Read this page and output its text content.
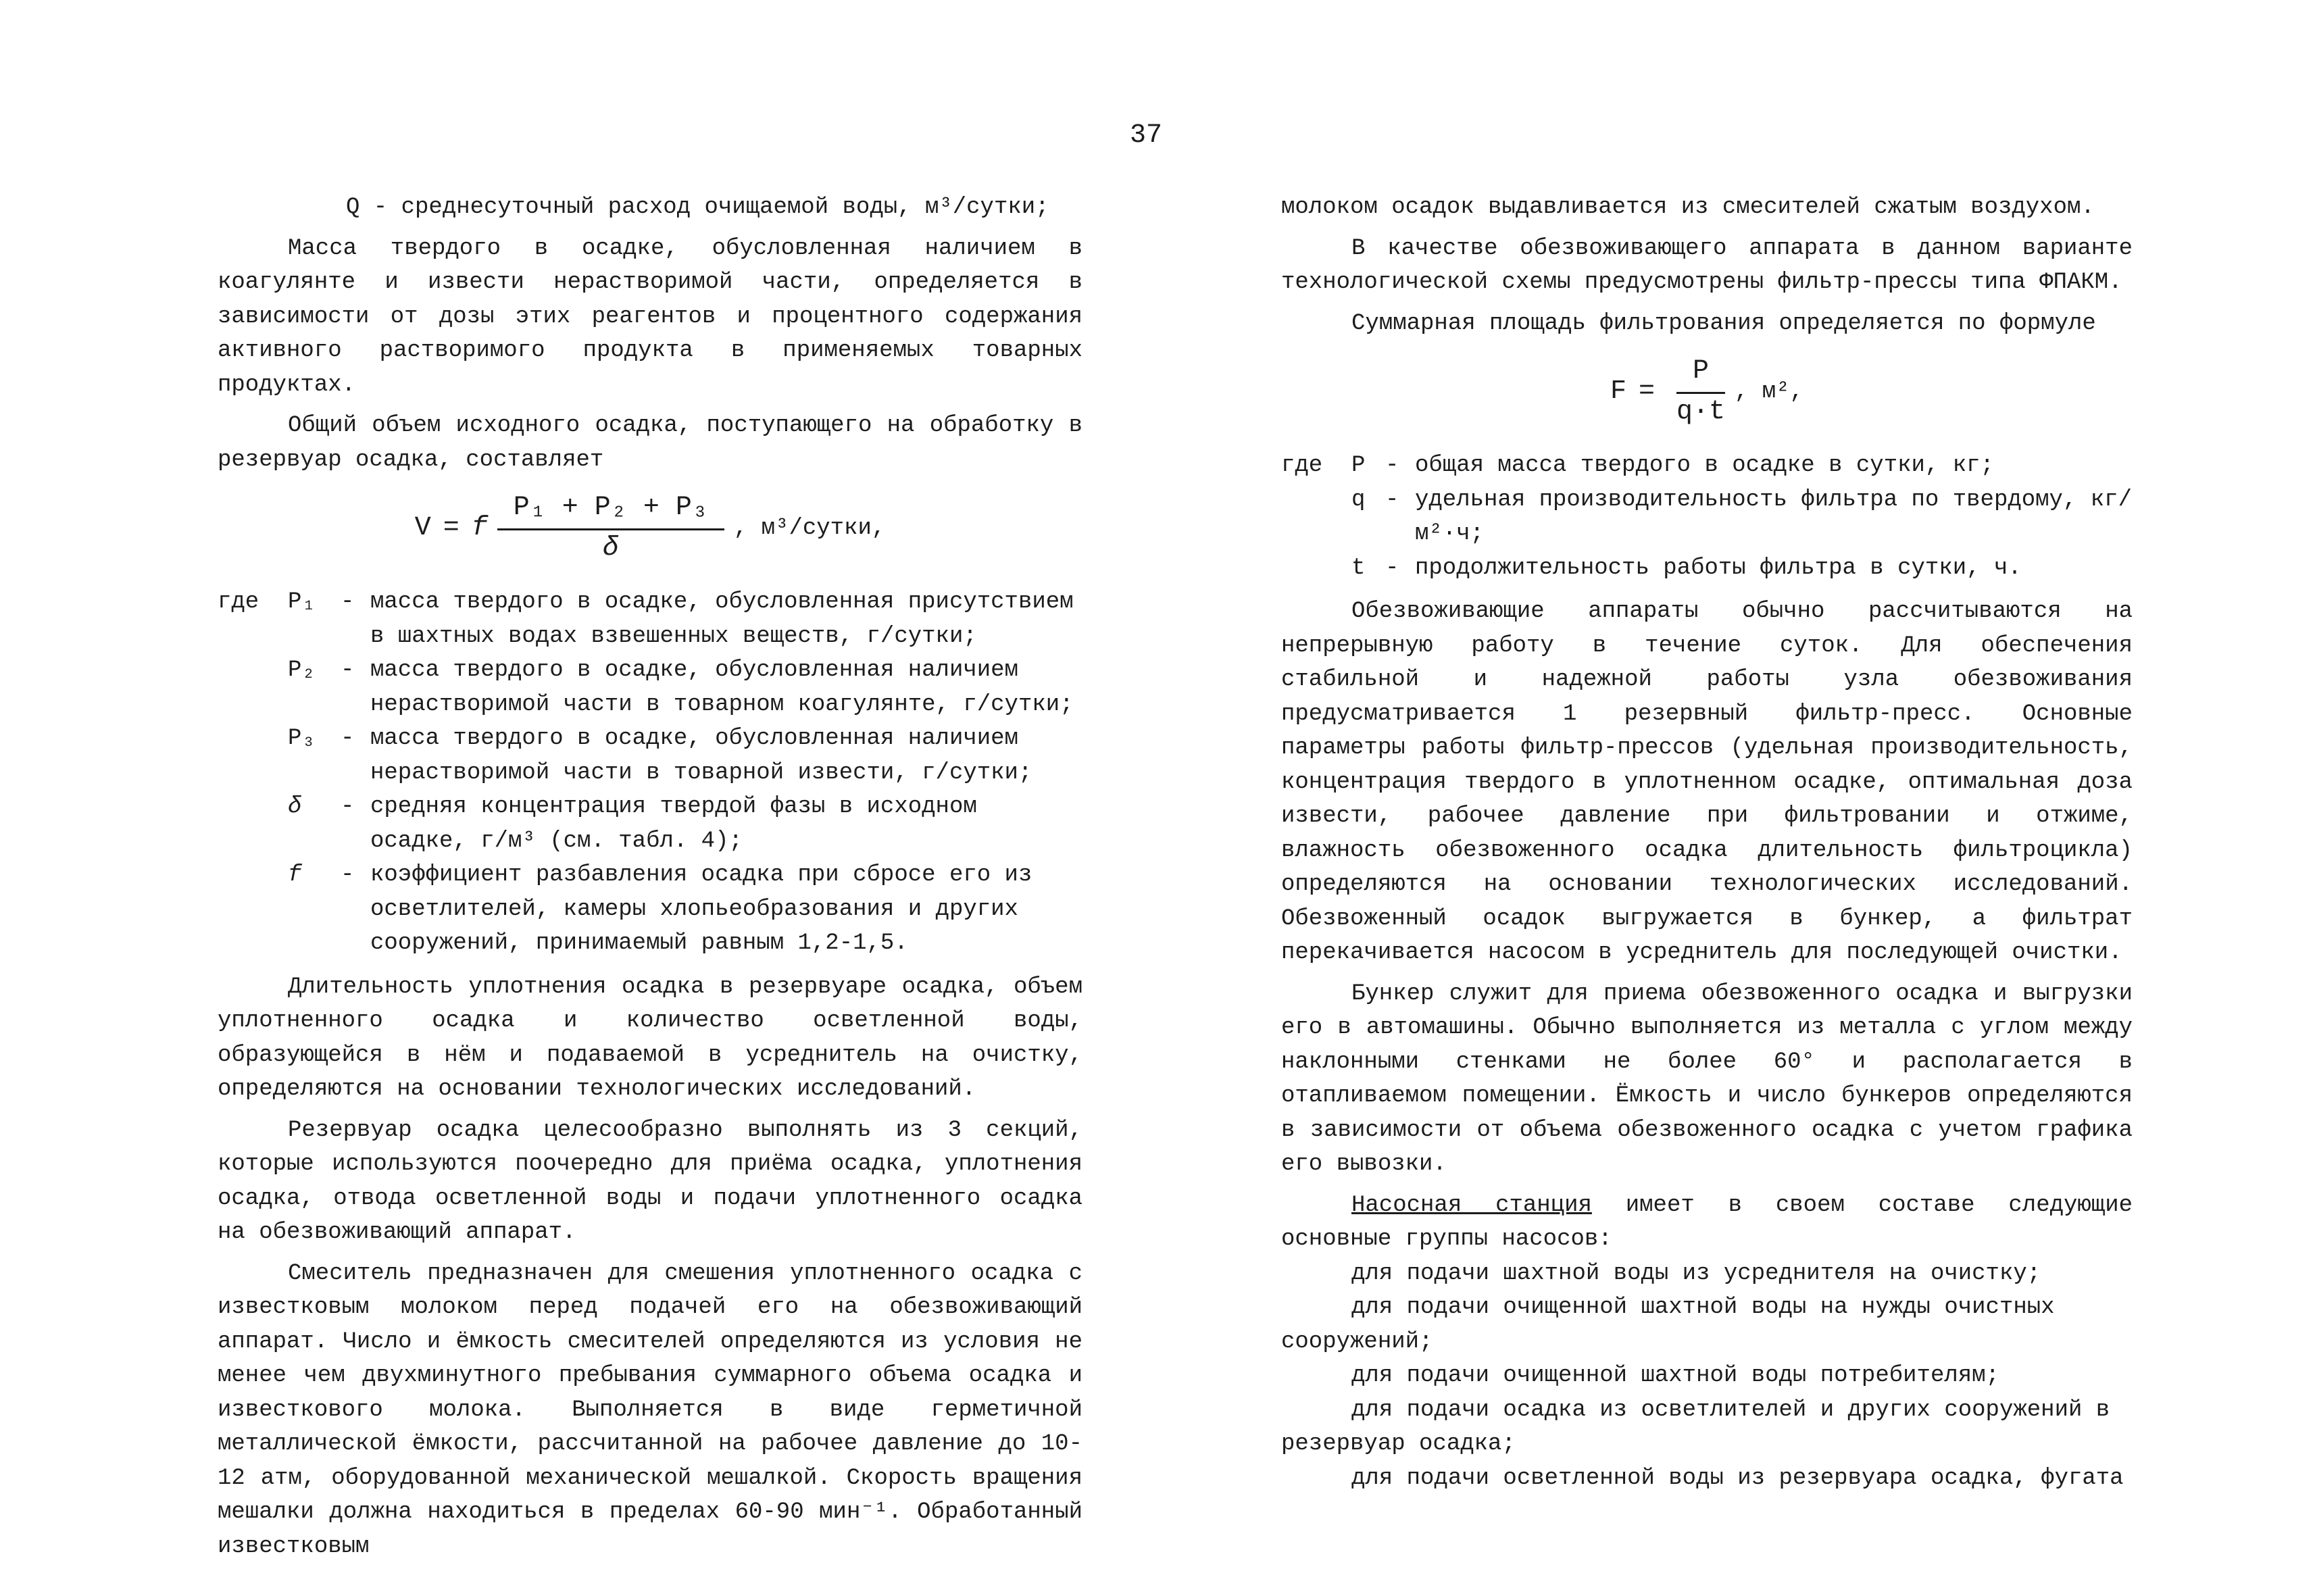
37

Q - среднесуточный расход очищаемой воды, м³/сутки;

Масса твердого в осадке, обусловленная наличием в коагулянте и извести нерастворимой части, определяется в зависимости от дозы этих реагентов и процентного содержания активного растворимого продукта в применяемых товарных продуктах.

Общий объем исходного осадка, поступающего на обработку в резервуар осадка, составляет

V = f $\frac{\text{P₁ + P₂ + P₃}}{\delta}$ , м³/сутки,
где	P₁	- масса твердого в осадке, обусловленная присутствием в шахтных водах взвешенных веществ, г/сутки;
P₂	- масса твердого в осадке, обусловленная наличием нерастворимой части в товарном коагулянте, г/сутки;
P₃	- масса твердого в осадке, обусловленная наличием нерастворимой части в товарной извести, г/сутки;
δ	- средняя концентрация твердой фазы в исходном осадке, г/м³ (см. табл. 4);
f	- коэффициент разбавления осадка при сбросе его из осветлителей, камеры хлопьеобразования и других сооружений, принимаемый равным 1,2-1,5.

Длительность уплотнения осадка в резервуаре осадка, объем уплотненного осадка и количество осветленной воды, образующейся в нём и подаваемой в усреднитель на очистку, определяются на основании технологических исследований.

Резервуар осадка целесообразно выполнять из 3 секций, которые используются поочередно для приёма осадка, уплотнения осадка, отвода осветленной воды и подачи уплотненного осадка на обезвоживающий аппарат.

Смеситель предназначен для смешения уплотненного осадка с известковым молоком перед подачей его на обезвоживающий аппарат. Число и ёмкость смесителей определяются из условия не менее чем двухминутного пребывания суммарного объема осадка и известкового молока. Выполняется в виде герметичной металлической ёмкости, рассчитанной на рабочее давление до 10-12 атм, оборудованной механической мешалкой. Скорость вращения мешалки должна находиться в пределах 60-90 мин⁻¹. Обработанный известковым

молоком осадок выдавливается из смесителей сжатым воздухом.

В качестве обезвоживающего аппарата в данном варианте технологической схемы предусмотрены фильтр-прессы типа ФПАКМ.

Суммарная площадь фильтрования определяется по формуле

$F = \frac{P}{q\cdot t}$ , м²,
где	P - общая масса твердого в осадке в сутки, кг;
q - удельная производительность фильтра по твердому, кг/м²·ч;
t - продолжительность работы фильтра в сутки, ч.

Обезвоживающие аппараты обычно рассчитываются на непрерывную работу в течение суток. Для обеспечения стабильной и надежной работы узла обезвоживания предусматривается 1 резервный фильтр-пресс. Основные параметры работы фильтр-прессов (удельная производительность, концентрация твердого в уплотненном осадке, оптимальная доза извести, рабочее давление при фильтровании и отжиме, влажность обезвоженного осадка длительность фильтроцикла) определяются на основании технологических исследований. Обезвоженный осадок выгружается в бункер, а фильтрат перекачивается насосом в усреднитель для последующей очистки.

Бункер служит для приема обезвоженного осадка и выгрузки его в автомашины. Обычно выполняется из металла с углом между наклонными стенками не более 60° и располагается в отапливаемом помещении. Ёмкость и число бункеров определяются в зависимости от объема обезвоженного осадка с учетом графика его вывозки.

Насосная станция имеет в своем составе следующие основные группы насосов:

для подачи шахтной воды из усреднителя на очистку;

для подачи очищенной шахтной воды на нужды очистных сооружений;

для подачи очищенной шахтной воды потребителям;

для подачи осадка из осветлителей и других сооружений в резервуар осадка;

для подачи осветленной воды из резервуара осадка, фугата
